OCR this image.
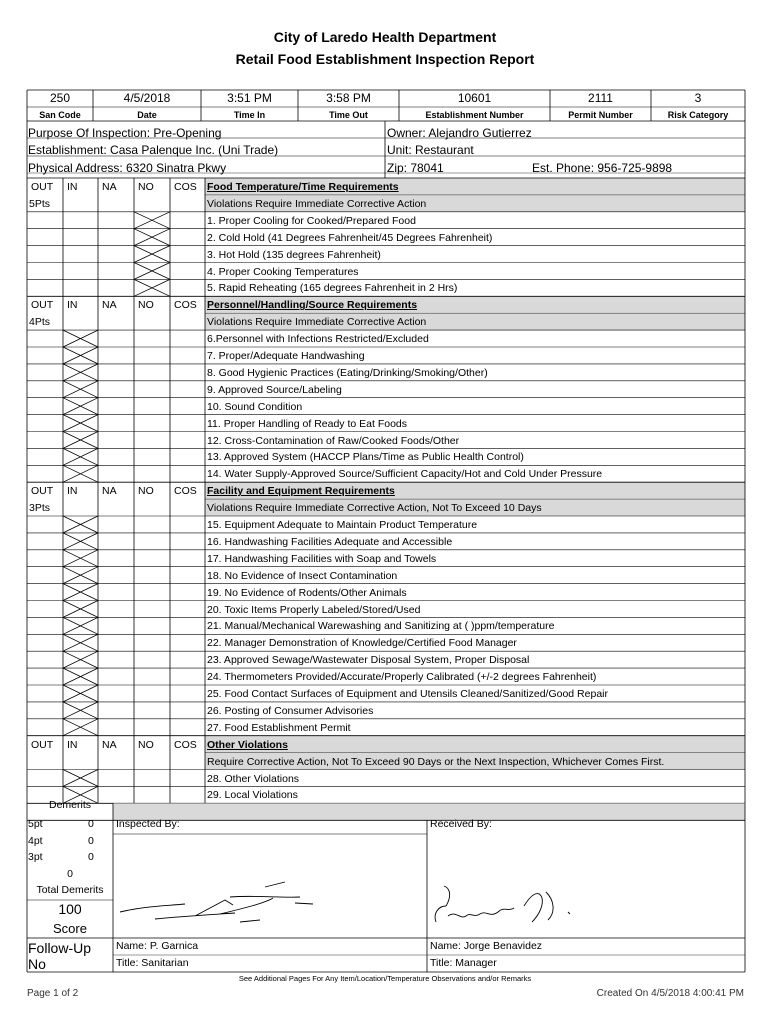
City of Laredo Health Department
Retail Food Establishment Inspection Report
250	4/5/2018	3:51 PM	3:58 PM	10601	2111	3
San Code	Date	Time In	Time Out	Establishment Number	Permit Number	Risk Category
Purpose Of Inspection: Pre-Opening
Establishment: Casa Palenque Inc. (Uni Trade)
Physical Address: 6320 Sinatra Pkwy
Owner: Alejandro Gutierrez
Unit: Restaurant
Zip: 78041	Est. Phone: 956-725-9898
OUT IN NA NO COS Food Temperature/Time Requirements
5Pts	Violations Require Immediate Corrective Action
1. Proper Cooling for Cooked/Prepared Food
2. Cold Hold (41 Degrees Fahrenheit/45 Degrees Fahrenheit)
3. Hot Hold (135 degrees Fahrenheit)
4. Proper Cooking Temperatures
5. Rapid Reheating (165 degrees Fahrenheit in 2 Hrs)
OUT IN NA NO COS Personnel/Handling/Source Requirements
4Pts	Violations Require Immediate Corrective Action
6.Personnel with Infections Restricted/Excluded
7. Proper/Adequate Handwashing
8. Good Hygienic Practices (Eating/Drinking/Smoking/Other)
9. Approved Source/Labeling
10. Sound Condition
11. Proper Handling of Ready to Eat Foods
12. Cross-Contamination of Raw/Cooked Foods/Other
13. Approved System (HACCP Plans/Time as Public Health Control)
14. Water Supply-Approved Source/Sufficient Capacity/Hot and Cold Under Pressure
OUT IN NA NO COS Facility and Equipment Requirements
3Pts	Violations Require Immediate Corrective Action, Not To Exceed 10 Days
15. Equipment Adequate to Maintain Product Temperature
16. Handwashing Facilities Adequate and Accessible
17. Handwashing Facilities with Soap and Towels
18. No Evidence of Insect Contamination
19. No Evidence of Rodents/Other Animals
20. Toxic Items Properly Labeled/Stored/Used
21. Manual/Mechanical Warewashing and Sanitizing at ( )ppm/temperature
22. Manager Demonstration of Knowledge/Certified Food Manager
23. Approved Sewage/Wastewater Disposal System, Proper Disposal
24. Thermometers Provided/Accurate/Properly Calibrated (+/-2 degrees Fahrenheit)
25. Food Contact Surfaces of Equipment and Utensils Cleaned/Sanitized/Good Repair
26. Posting of Consumer Advisories
27. Food Establishment Permit
OUT IN NA NO COS Other Violations
Require Corrective Action, Not To Exceed 90 Days or the Next Inspection, Whichever Comes First.
28. Other Violations
29. Local Violations
Demerits
5pt	0
4pt	0
3pt	0
0
Total Demerits
100
Score
Follow-Up
No
Inspected By:	Received By:
Name: P. Garnica
Title: Sanitarian
Name: Jorge Benavidez
Title: Manager
See Additional Pages For Any Item/Location/Temperature Observations and/or Remarks
Page 1 of 2	Created On 4/5/2018 4:00:41 PM
